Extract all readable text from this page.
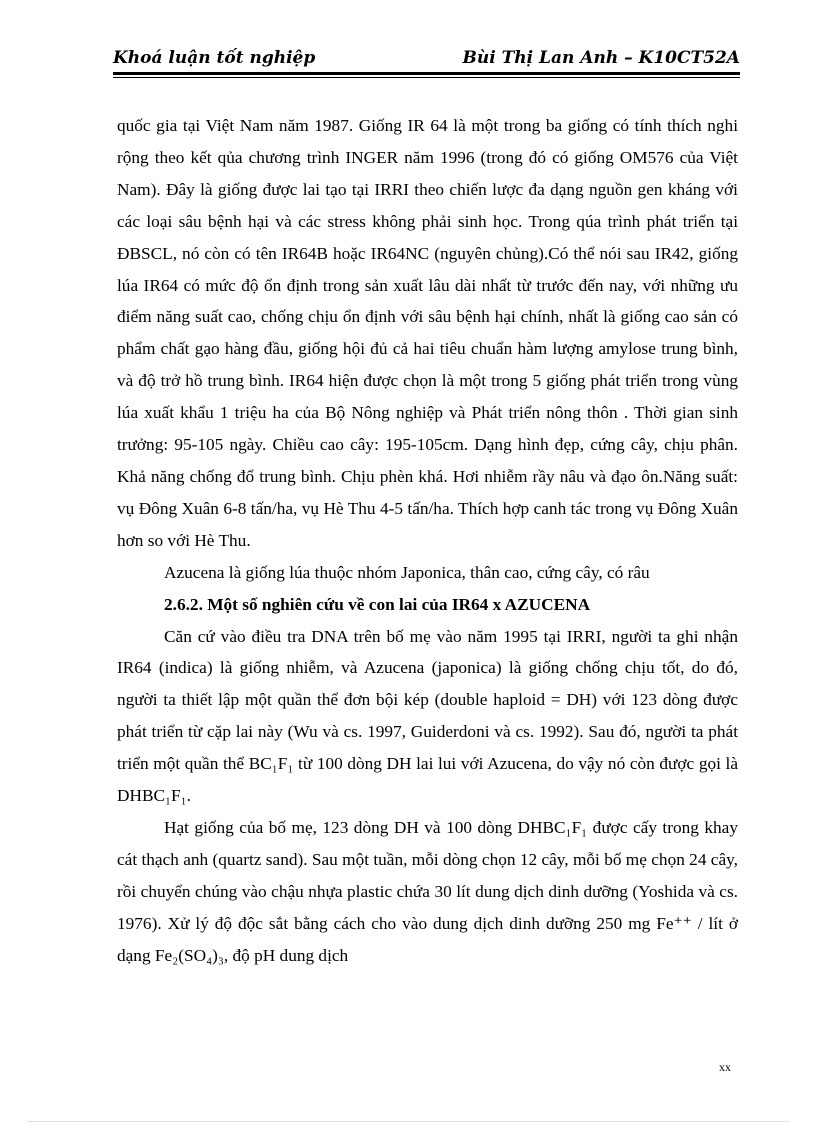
Khoá luận tốt nghiệp	Bùi Thị Lan Anh – K10CT52A

quốc gia tại Việt Nam năm 1987. Giống IR 64 là một trong ba giống có tính thích nghi rộng theo kết qủa chương trình INGER năm 1996 (trong đó có giống OM576 của Việt Nam). Đây là giống được lai tạo tại IRRI theo chiến lược đa dạng nguồn gen kháng với các loại sâu bệnh hại và các stress không phải sinh học. Trong qúa trình phát triển tại ĐBSCL, nó còn có tên IR64B hoặc IR64NC (nguyên chủng).Có thể nói sau IR42, giống lúa IR64 có mức độ ổn định trong sản xuất lâu dài nhất từ trước đến nay, với những ưu điểm năng suất cao, chống chịu ổn định với sâu bệnh hại chính, nhất là giống cao sản có phẩm chất gạo hàng đầu, giống hội đủ cả hai tiêu chuẩn hàm lượng amylose trung bình, và độ trở hồ trung bình. IR64 hiện được chọn là một trong 5 giống phát triển trong vùng lúa xuất khẩu 1 triệu ha của Bộ Nông nghiệp và Phát triển nông thôn . Thời gian sinh trưởng: 95-105 ngày. Chiều cao cây: 195-105cm. Dạng hình đẹp, cứng cây, chịu phân. Khả năng chống đổ trung bình. Chịu phèn khá. Hơi nhiễm rầy nâu và đạo ôn.Năng suất: vụ Đông Xuân 6-8 tấn/ha, vụ Hè Thu 4-5 tấn/ha. Thích hợp canh tác trong vụ Đông Xuân hơn so với Hè Thu.

Azucena là giống lúa thuộc nhóm Japonica, thân cao, cứng cây, có râu

2.6.2. Một số nghiên cứu về con lai của IR64 x AZUCENA

Căn cứ vào điều tra DNA trên bố mẹ vào năm 1995 tại IRRI, người ta ghi nhận IR64 (indica) là giống nhiễm, và Azucena (japonica) là giống chống chịu tốt, do đó, người ta thiết lập một quần thể đơn bội kép (double haploid = DH) với 123 dòng được phát triển từ cặp lai này (Wu và cs. 1997, Guiderdoni và cs. 1992). Sau đó, người ta phát triển một quần thể BC₁F₁ từ 100 dòng DH lai lui với Azucena, do vậy nó còn được gọi là DHBC₁F₁.

Hạt giống của bố mẹ, 123 dòng DH và 100 dòng DHBC₁F₁ được cấy trong khay cát thạch anh (quartz sand). Sau một tuần, mỗi dòng chọn 12 cây, mỗi bố mẹ chọn 24 cây, rồi chuyển chúng vào chậu nhựa plastic chứa 30 lít dung dịch dinh dưỡng (Yoshida và cs. 1976). Xử lý độ độc sắt bằng cách cho vào dung dịch dinh dưỡng 250 mg Fe⁺⁺ / lít ở dạng Fe₂(SO₄)₃, độ pH dung dịch

xx
